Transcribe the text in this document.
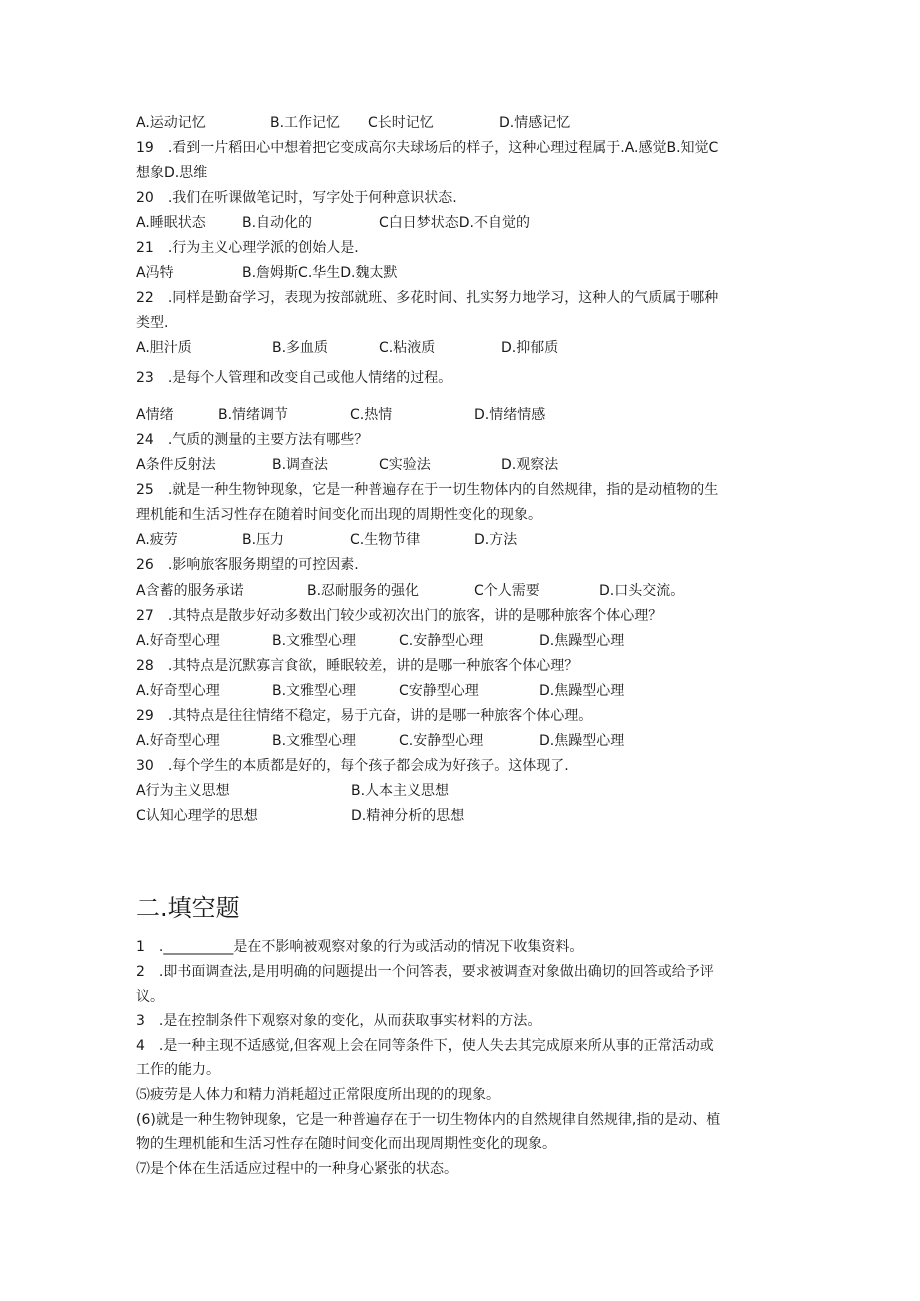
A.运动记忆	B.工作记忆 C长时记忆	D.情感记忆
19　.看到一片稻田心中想着把它变成高尔夫球场后的样子，这种心理过程属于.A.感觉B.知觉C
想象D.思维
20　.我们在听课做笔记时，写字处于何种意识状态.
A.睡眠状态	B.自动化的	C白日梦状态D.不自觉的
21　.行为主义心理学派的创始人是.
A冯特	B.詹姆斯C.华生D.魏太默
22　.同样是勤奋学习，表现为按部就班、多花时间、扎实努力地学习，这种人的气质属于哪种
类型.
A.胆汁质	B.多血质	C.粘液质	D.抑郁质
23　.是每个人管理和改变自己或他人情绪的过程。
A情绪	B.情绪调节	C.热情	D.情绪情感
24　.气质的测量的主要方法有哪些？
A条件反射法	B.调查法	C实验法	D.观察法
25　.就是一种生物钟现象，它是一种普遍存在于一切生物体内的自然规律，指的是动植物的生
理机能和生活习性存在随着时间变化而出现的周期性变化的现象。
A.疲劳	B.压力	C.生物节律	D.方法
26　.影响旅客服务期望的可控因素.
A含蓄的服务承诺	B.忍耐服务的强化	C个人需要	D.口头交流。
27　.其特点是散步好动多数出门较少或初次出门的旅客，讲的是哪种旅客个体心理？
A.好奇型心理	B.文雅型心理	C.安静型心理	D.焦躁型心理
28　.其特点是沉默寡言食欲，睡眠较差，讲的是哪一种旅客个体心理？
A.好奇型心理	B.文雅型心理	C安静型心理	D.焦躁型心理
29　.其特点是往往情绪不稳定，易于亢奋，讲的是哪一种旅客个体心理。
A.好奇型心理	B.文雅型心理	C.安静型心理	D.焦躁型心理
30　.每个学生的本质都是好的，每个孩子都会成为好孩子。这体现了.
A行为主义思想	B.人本主义思想
C认知心理学的思想	D.精神分析的思想
二.填空题
1　.__________是在不影响被观察对象的行为或活动的情况下收集资料。
2　.即书面调查法,是用明确的问题提出一个问答表，要求被调查对象做出确切的回答或给予评
议。
3　.是在控制条件下观察对象的变化，从而获取事实材料的方法。
4　.是一种主现不适感觉,但客观上会在同等条件下，使人失去其完成原来所从事的正常活动或
工作的能力。
⑸疲劳是人体力和精力消耗超过正常限度所出现的的现象。
(6)就是一种生物钟现象，它是一种普遍存在于一切生物体内的自然规律自然规律,指的是动、植
物的生理机能和生活习性存在随时间变化而出现周期性变化的现象。
⑺是个体在生活适应过程中的一种身心紧张的状态。
